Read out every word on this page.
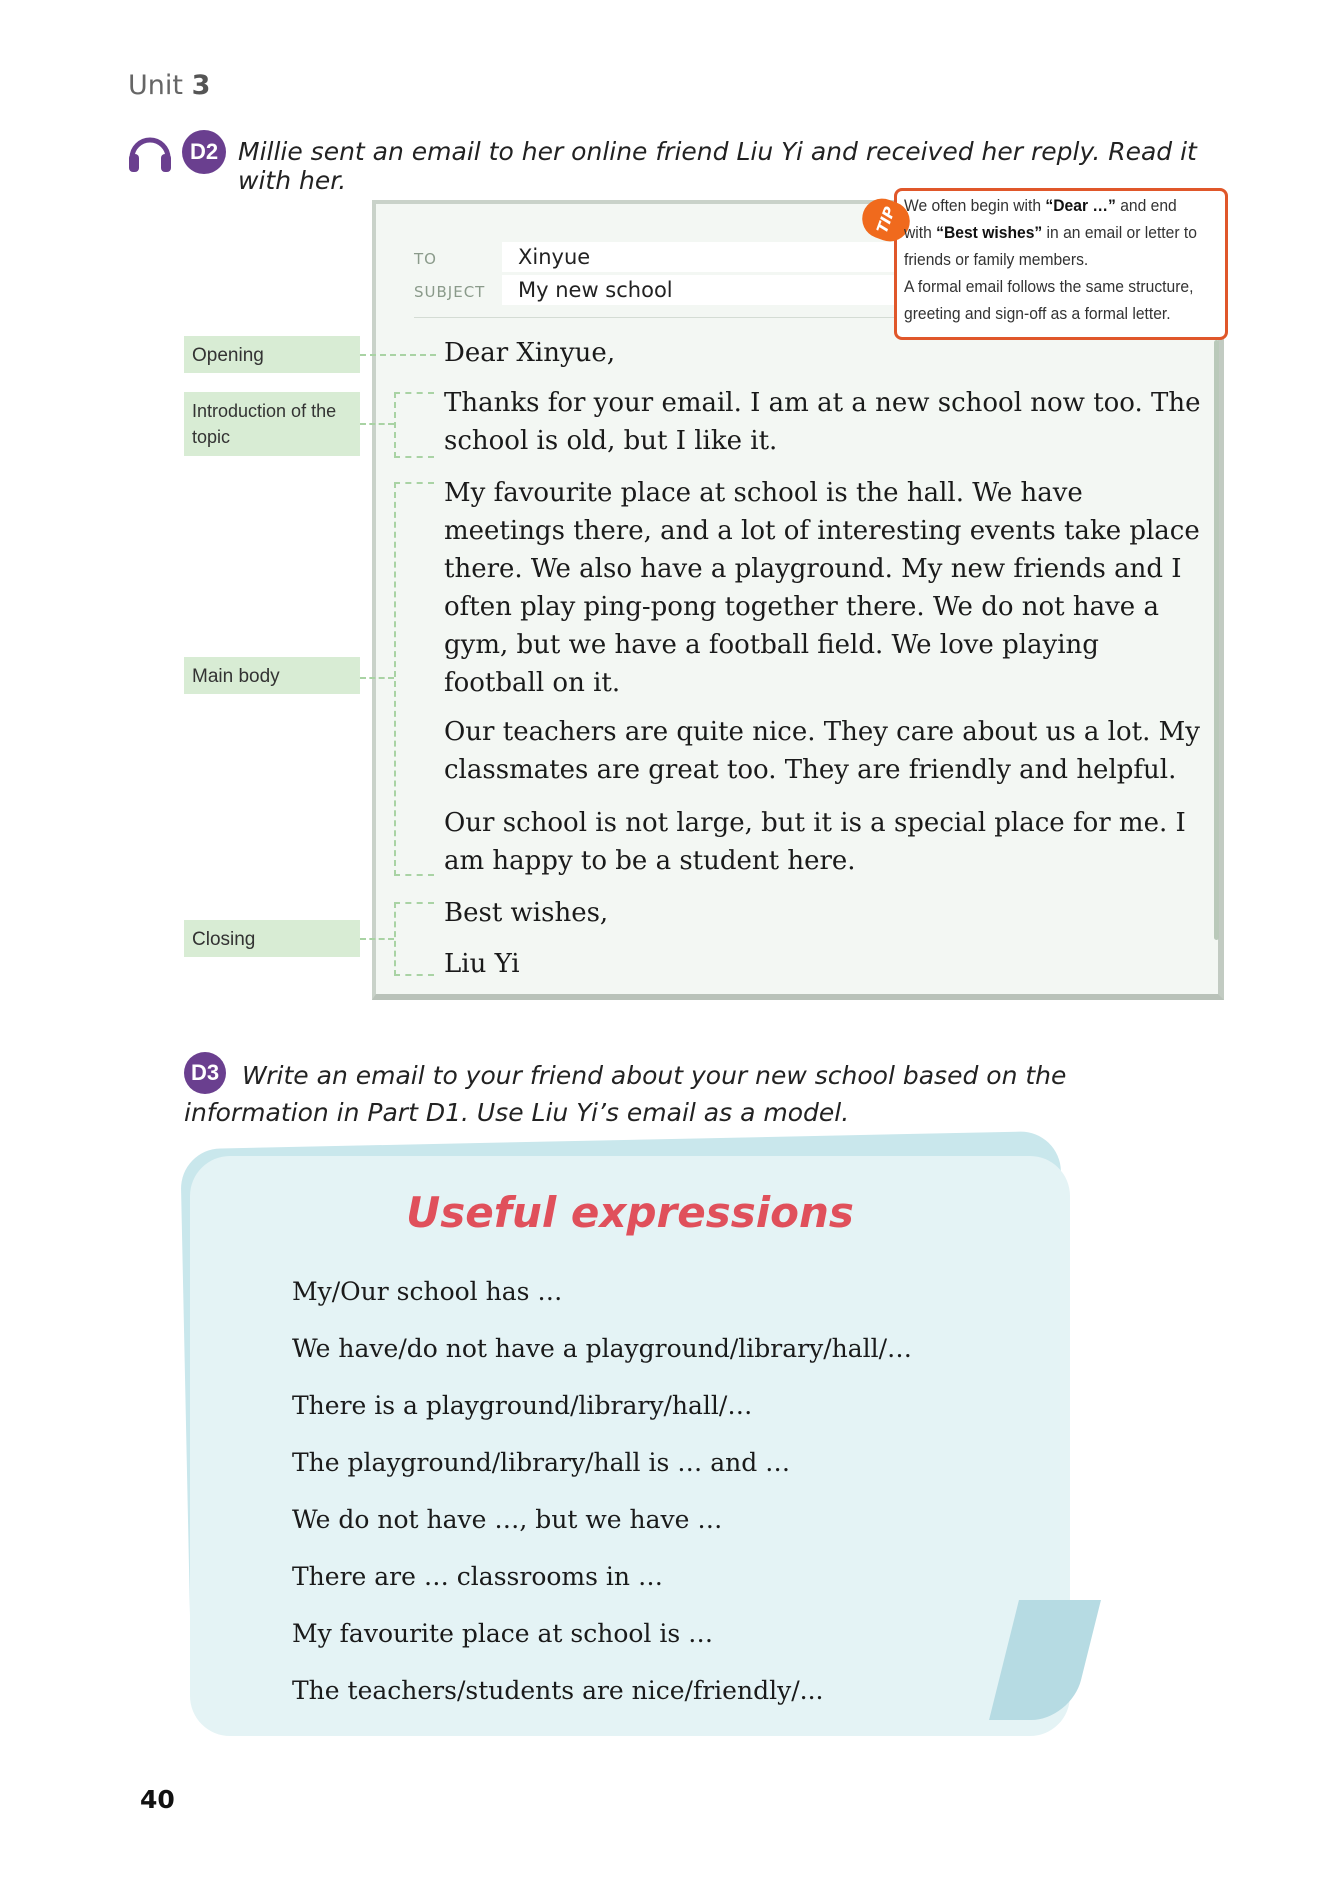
Unit 3
D2 Millie sent an email to her online friend Liu Yi and received her reply. Read it with her.
TO	Xinyue
SUBJECT	My new school
Dear Xinyue,
Thanks for your email. I am at a new school now too. The school is old, but I like it.
My favourite place at school is the hall. We have meetings there, and a lot of interesting events take place there. We also have a playground. My new friends and I often play ping-pong together there. We do not have a gym, but we have a football field. We love playing football on it.
Our teachers are quite nice. They care about us a lot. My classmates are great too. They are friendly and helpful.
Our school is not large, but it is a special place for me. I am happy to be a student here.
Best wishes,
Liu Yi
TIP We often begin with “Dear …” and end with “Best wishes” in an email or letter to friends or family members.
A formal email follows the same structure, greeting and sign-off as a formal letter.
Opening
Introduction of the topic
Main body
Closing
D3 Write an email to your friend about your new school based on the information in Part D1. Use Liu Yi’s email as a model.
Useful expressions
My/Our school has …
We have/do not have a playground/library/hall/…
There is a playground/library/hall/…
The playground/library/hall is … and …
We do not have …, but we have …
There are … classrooms in …
My favourite place at school is …
The teachers/students are nice/friendly/...
40
